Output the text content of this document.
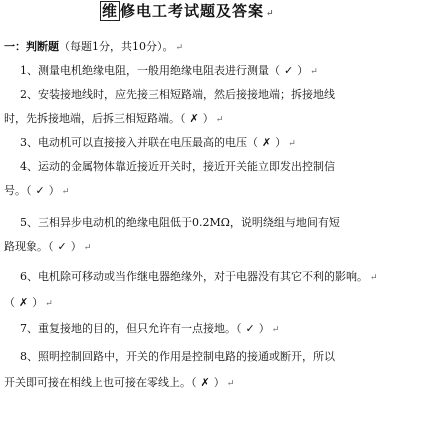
维 修电工考试题及答案 ↵
一：判断题（每题1分，共10分）。 ↵
1、测量电机绝缘电阻，一般用绝缘电阻表进行测量（ ✓ ） ↵
2、安装接地线时，应先接三相短路端，然后接接地端；拆接地线
时，先拆接地端，后拆三相短路端。（ ✗ ） ↵
3、电动机可以直接接入并联在电压最高的电压（ ✗ ） ↵
4、运动的金属物体靠近接近开关时，接近开关能立即发出控制信
号。（ ✓ ） ↵
5、三相异步电动机的绝缘电阻低于0.2MΩ，说明绕组与地间有短
路现象。（ ✓ ） ↵
6、电机除可移动或当作继电器绝缘外，对于电器没有其它不利的影响。 ↵
（ ✗ ） ↵
7、重复接地的目的，但只允许有一点接地。（ ✓ ） ↵
8、照明控制回路中，开关的作用是控制电路的接通或断开，所以
开关即可接在相线上也可接在零线上。（ ✗ ） ↵
